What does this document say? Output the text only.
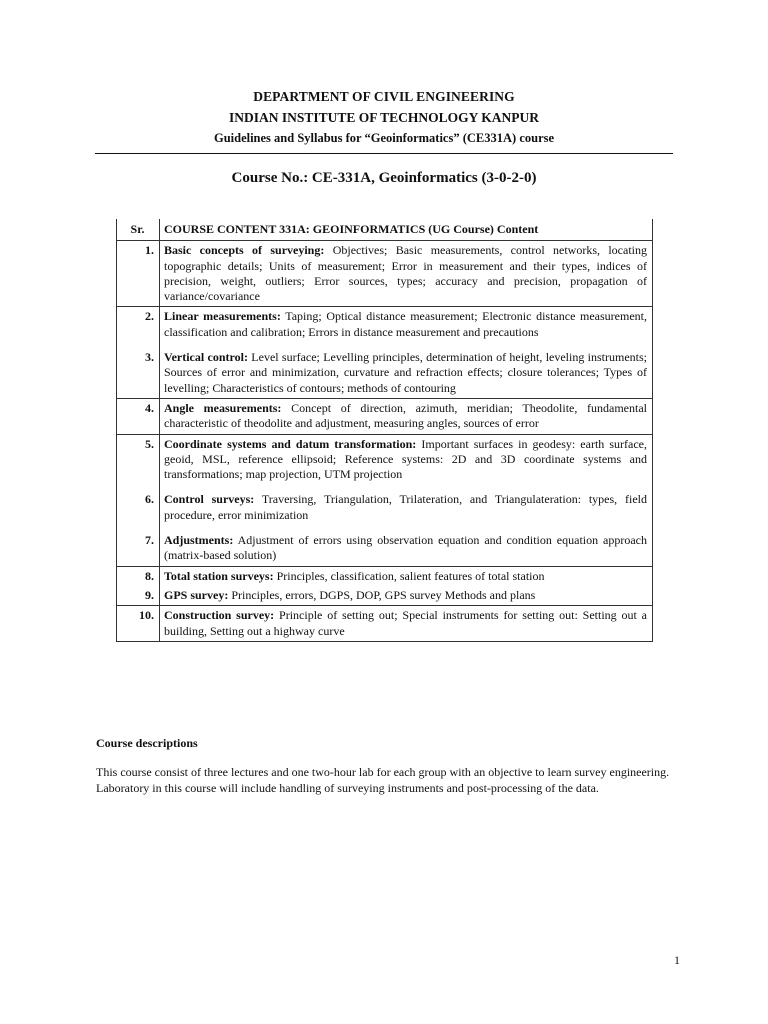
DEPARTMENT OF CIVIL ENGINEERING
INDIAN INSTITUTE OF TECHNOLOGY KANPUR
Guidelines and Syllabus for “Geoinformatics” (CE331A) course
Course No.: CE-331A, Geoinformatics (3-0-2-0)
Sr.	COURSE CONTENT 331A: GEOINFORMATICS (UG Course) Content
1.	Basic concepts of surveying: Objectives; Basic measurements, control networks, locating topographic details; Units of measurement; Error in measurement and their types, indices of precision, weight, outliers; Error sources, types; accuracy and precision, propagation of variance/covariance
2.	Linear measurements: Taping; Optical distance measurement; Electronic distance measurement, classification and calibration; Errors in distance measurement and precautions
3.	Vertical control: Level surface; Levelling principles, determination of height, leveling instruments; Sources of error and minimization, curvature and refraction effects; closure tolerances; Types of levelling; Characteristics of contours; methods of contouring
4.	Angle measurements: Concept of direction, azimuth, meridian; Theodolite, fundamental characteristic of theodolite and adjustment, measuring angles, sources of error
5.	Coordinate systems and datum transformation: Important surfaces in geodesy: earth surface, geoid, MSL, reference ellipsoid; Reference systems: 2D and 3D coordinate systems and transformations; map projection, UTM projection
6.	Control surveys: Traversing, Triangulation, Trilateration, and Triangulateration: types, field procedure, error minimization
7.	Adjustments: Adjustment of errors using observation equation and condition equation approach (matrix-based solution)
8.	Total station surveys: Principles, classification, salient features of total station
9.	GPS survey: Principles, errors, DGPS, DOP, GPS survey Methods and plans
10.	Construction survey: Principle of setting out; Special instruments for setting out: Setting out a building, Setting out a highway curve
Course descriptions
This course consist of three lectures and one two-hour lab for each group with an objective to learn survey engineering. Laboratory in this course will include handling of surveying instruments and post-processing of the data.
1
